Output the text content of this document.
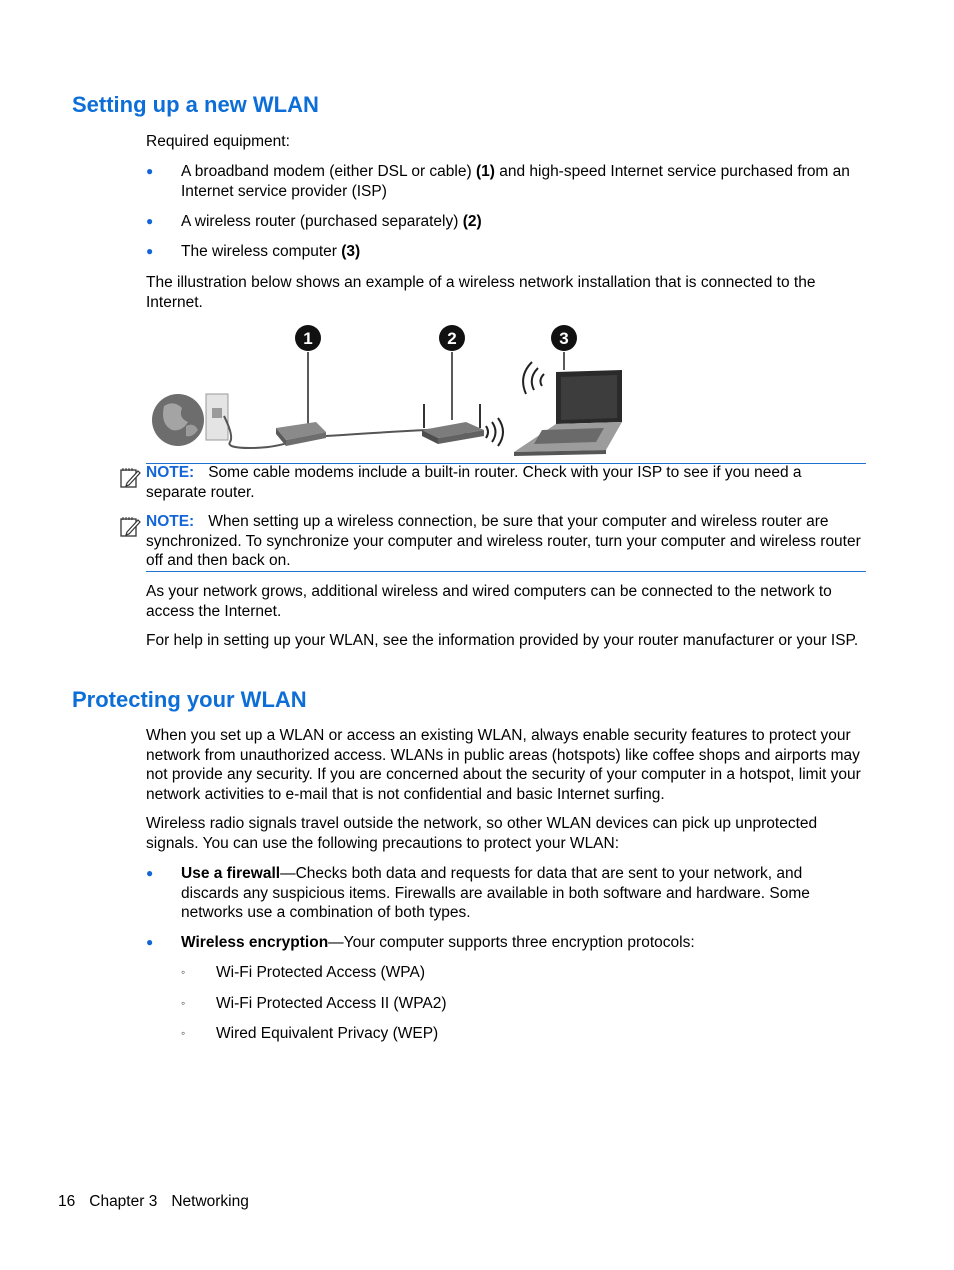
Setting up a new WLAN
Required equipment:
● A broadband modem (either DSL or cable) (1) and high-speed Internet service purchased from an Internet service provider (ISP)
● A wireless router (purchased separately) (2)
● The wireless computer (3)
The illustration below shows an example of a wireless network installation that is connected to the Internet.
1	2	3
NOTE: Some cable modems include a built-in router. Check with your ISP to see if you need a separate router.
NOTE: When setting up a wireless connection, be sure that your computer and wireless router are synchronized. To synchronize your computer and wireless router, turn your computer and wireless router off and then back on.
As your network grows, additional wireless and wired computers can be connected to the network to access the Internet.
For help in setting up your WLAN, see the information provided by your router manufacturer or your ISP.
Protecting your WLAN
When you set up a WLAN or access an existing WLAN, always enable security features to protect your network from unauthorized access. WLANs in public areas (hotspots) like coffee shops and airports may not provide any security. If you are concerned about the security of your computer in a hotspot, limit your network activities to e-mail that is not confidential and basic Internet surfing.
Wireless radio signals travel outside the network, so other WLAN devices can pick up unprotected signals. You can use the following precautions to protect your WLAN:
● Use a firewall—Checks both data and requests for data that are sent to your network, and discards any suspicious items. Firewalls are available in both software and hardware. Some networks use a combination of both types.
● Wireless encryption—Your computer supports three encryption protocols:
◦ Wi-Fi Protected Access (WPA)
◦ Wi-Fi Protected Access II (WPA2)
◦ Wired Equivalent Privacy (WEP)
16 Chapter 3 Networking
